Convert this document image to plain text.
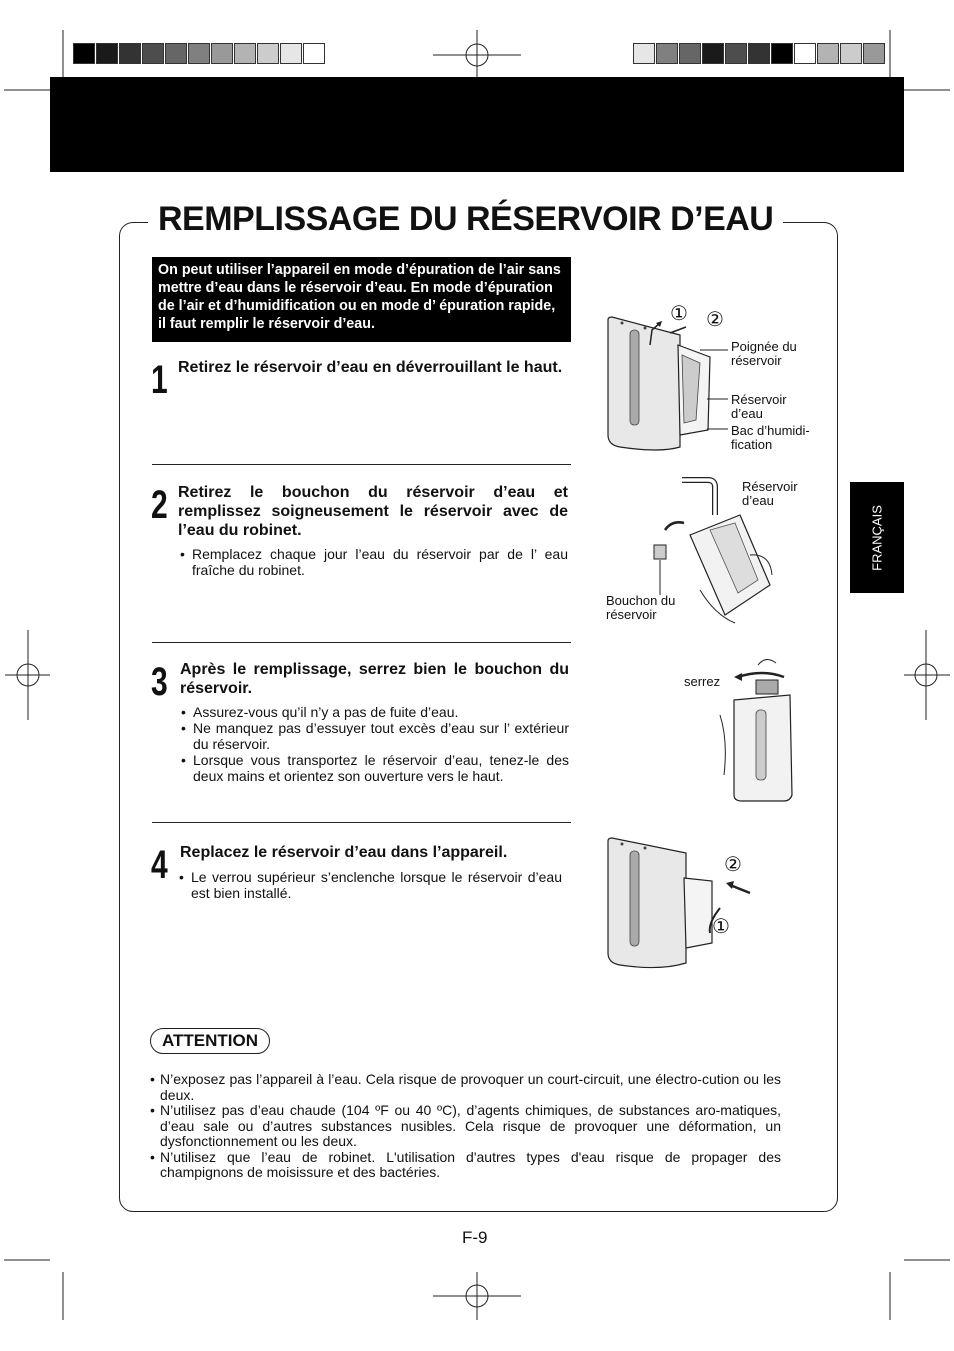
REMPLISSAGE DU RÉSERVOIR D’EAU
On peut utiliser l’appareil en mode d’épuration de l’air sans mettre d’eau dans le réservoir d’eau. En mode d’épuration de l’air et d’humidification ou en mode d’ épuration rapide, il faut remplir le réservoir d’eau.
1 Retirez le réservoir d’eau en déverrouillant le haut.
2 Retirez le bouchon du réservoir d’eau et remplissez soigneusement le réservoir avec de l’eau du robinet.
• Remplacez chaque jour l’eau du réservoir par de l’ eau fraîche du robinet.
3 Après le remplissage, serrez bien le bouchon du réservoir.
• Assurez-vous qu’il n’y a pas de fuite d’eau.
• Ne manquez pas d’essuyer tout excès d’eau sur l’ extérieur du réservoir.
• Lorsque vous transportez le réservoir d’eau, tenez-le des deux mains et orientez son ouverture vers le haut.
4 Replacez le réservoir d’eau dans l’appareil.
• Le verrou supérieur s’enclenche lorsque le réservoir d’eau est bien installé.
① ②
Poignée du réservoir
Réservoir d’eau
Bac d’humidi- fication
Réservoir d’eau
Bouchon du réservoir
serrez
②
①
FRANÇAIS
ATTENTION
• N’exposez pas l’appareil à l’eau. Cela risque de provoquer un court-circuit, une électro-cution ou les deux.
• N’utilisez pas d’eau chaude (104 ºF ou 40 ºC), d’agents chimiques, de substances aro-matiques, d’eau sale ou d’autres substances nusibles. Cela risque de provoquer une déformation, un dysfonctionnement ou les deux.
• N’utilisez que l’eau de robinet. L'utilisation d'autres types d'eau risque de propager des champignons de moisissure et des bactéries.
F-9
